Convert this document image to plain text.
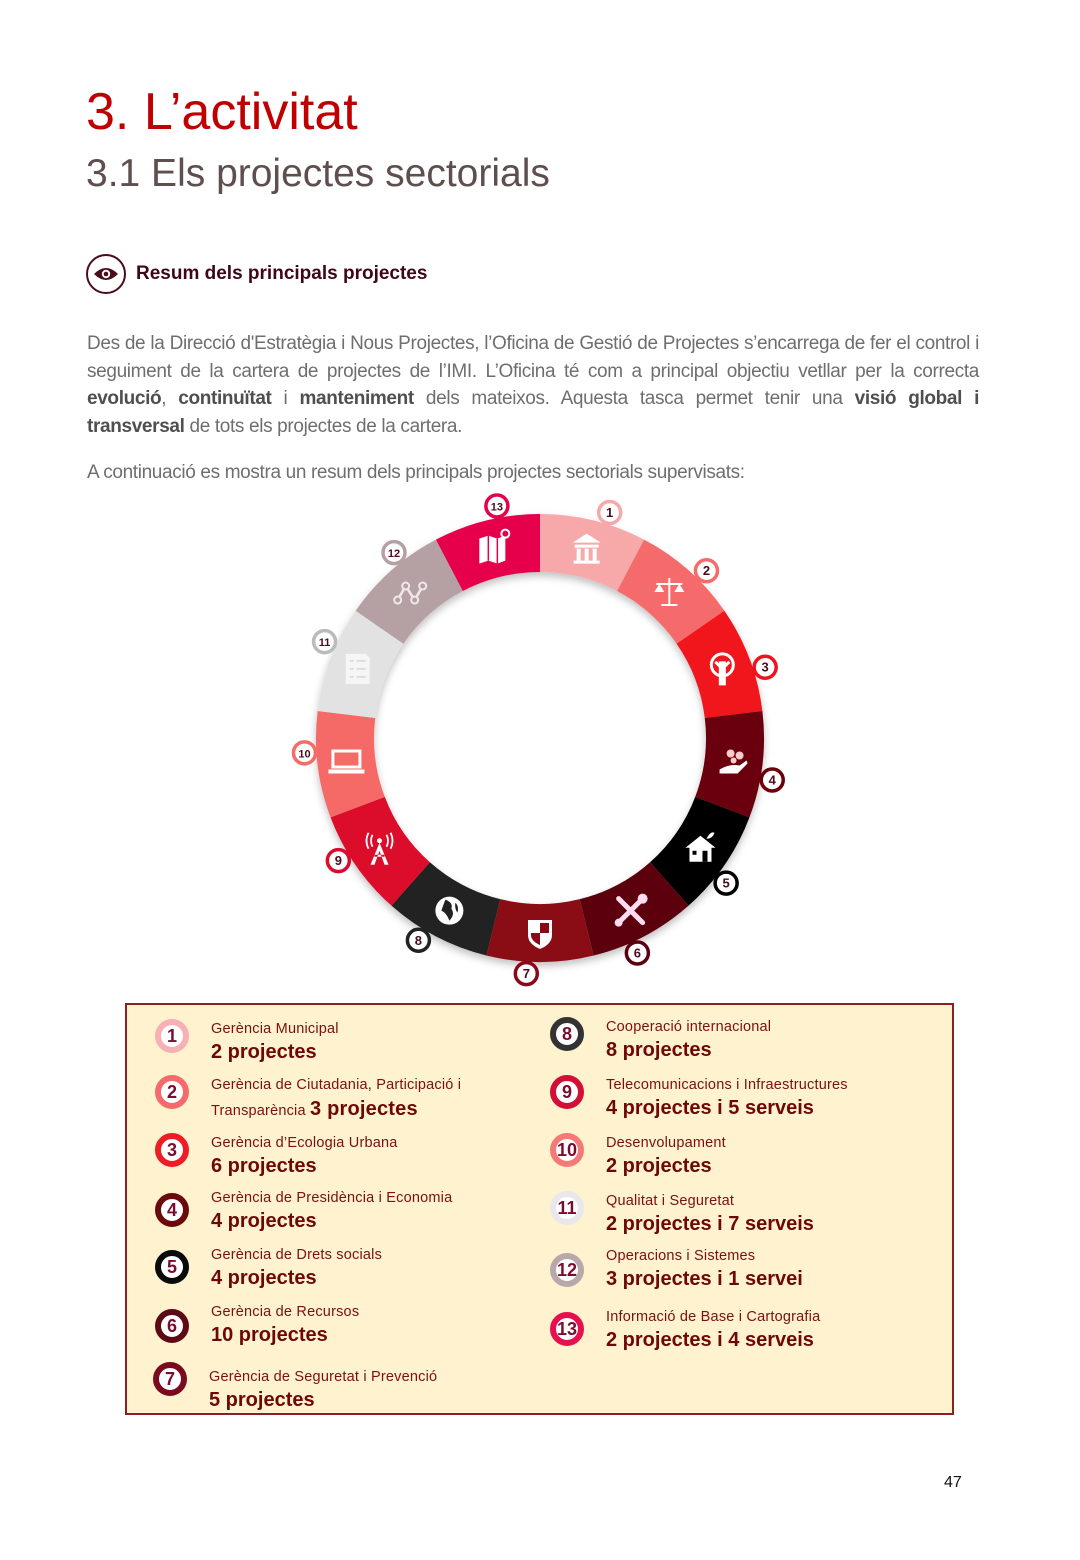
3. L’activitat
3.1 Els projectes sectorials
Resum dels principals projectes

Des de la Direcció d'Estratègia i Nous Projectes, l’Oficina de Gestió de Projectes s’encarrega de fer el control i seguiment de la cartera de projectes de l’IMI. L’Oficina té com a principal objectiu vetllar per la correcta evolució, continuïtat i manteniment dels mateixos. Aquesta tasca permet tenir una visió global i transversal de tots els projectes de la cartera.

A continuació es mostra un resum dels principals projectes sectorials supervisats:

1
2
3
4
5
6
7
8
9
10
11
12
13
1	Gerència Municipal
2 projectes
2	Gerència de Ciutadania, Participació i
Transparència 3 projectes
3	Gerència d’Ecologia Urbana
6 projectes
4
Gerència de Presidència i Economia
4 projectes
5
Gerència de Drets socials
4 projectes
6
Gerència de Recursos
10 projectes
7	Gerència de Seguretat i Prevenció
5 projectes
8	Cooperació internacional
8 projectes
9	Telecomunicacions i Infraestructures
4 projectes i 5 serveis
10	Desenvolupament
2 projectes
11	Qualitat i Seguretat
2 projectes i 7 serveis
12
Operacions i Sistemes
3 projectes i 1 servei
13
Informació de Base i Cartografia
2 projectes i 4 serveis
47
